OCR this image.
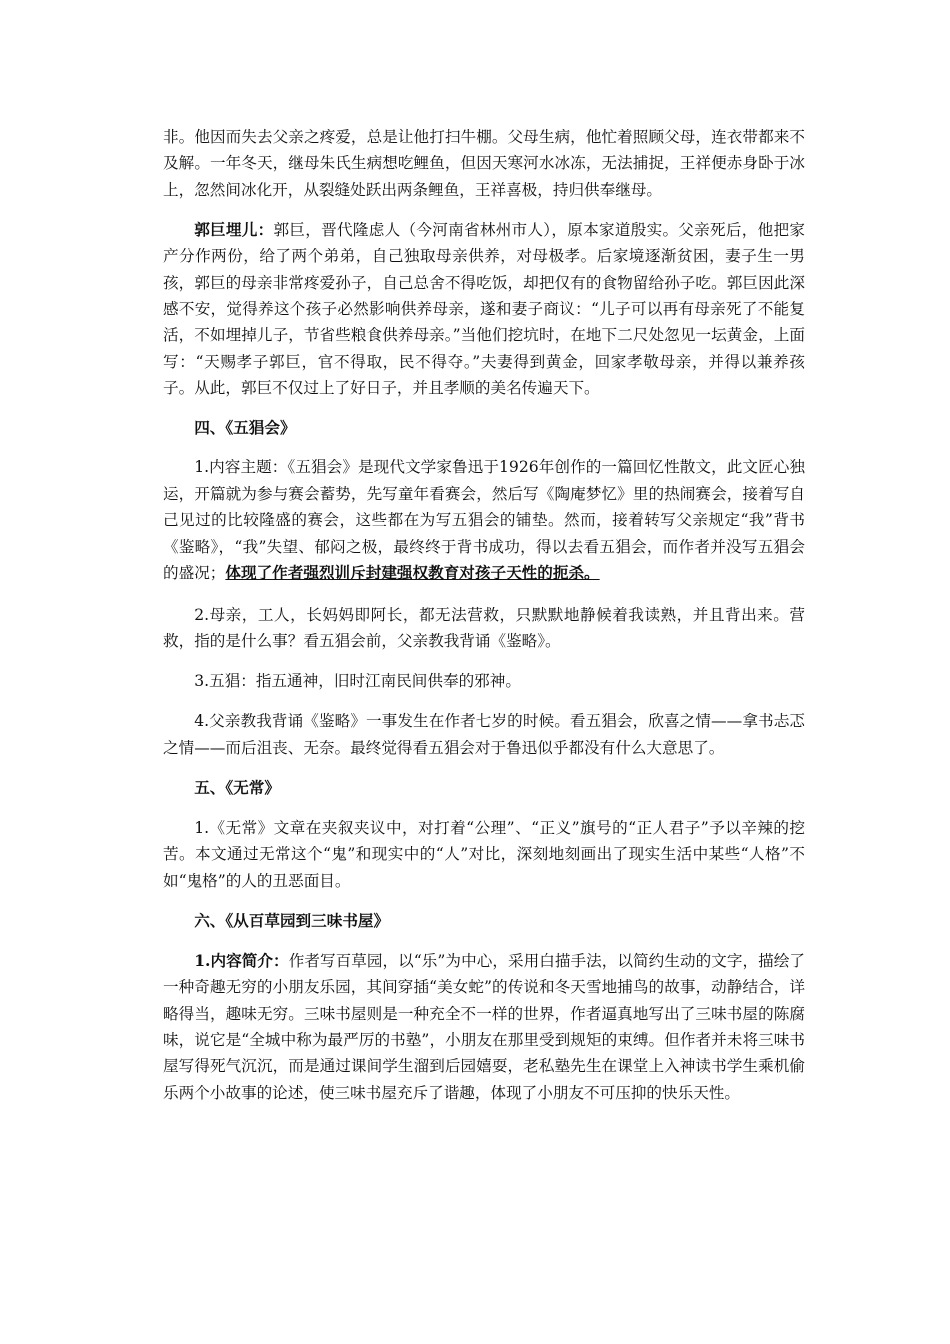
非。他因而失去父亲之疼爱，总是让他打扫牛棚。父母生病，他忙着照顾父母，连衣带都来不及解。一年冬天，继母朱氏生病想吃鲤鱼，但因天寒河水冰冻，无法捕捉，王祥便赤身卧于冰上，忽然间冰化开，从裂缝处跃出两条鲤鱼，王祥喜极，持归供奉继母。

郭巨埋儿：郭巨，晋代隆虑人（今河南省林州市人），原本家道殷实。父亲死后，他把家产分作两份，给了两个弟弟，自己独取母亲供养，对母极孝。后家境逐渐贫困，妻子生一男孩，郭巨的母亲非常疼爱孙子，自己总舍不得吃饭，却把仅有的食物留给孙子吃。郭巨因此深感不安，觉得养这个孩子必然影响供养母亲，遂和妻子商议：“儿子可以再有母亲死了不能复活，不如埋掉儿子，节省些粮食供养母亲。”当他们挖坑时，在地下二尺处忽见一坛黄金，上面写：“天赐孝子郭巨，官不得取，民不得夺。”夫妻得到黄金，回家孝敬母亲，并得以兼养孩子。从此，郭巨不仅过上了好日子，并且孝顺的美名传遍天下。

四、《五猖会》

1.内容主题：《五猖会》是现代文学家鲁迅于1926年创作的一篇回忆性散文，此文匠心独运，开篇就为参与赛会蓄势，先写童年看赛会，然后写《陶庵梦忆》里的热闹赛会，接着写自己见过的比较隆盛的赛会，这些都在为写五猖会的铺垫。然而，接着转写父亲规定“我”背书《鉴略》，“我”失望、郁闷之极，最终终于背书成功，得以去看五猖会，而作者并没写五猖会的盛况；体现了作者强烈训斥封建强权教育对孩子天性的扼杀。

2.母亲，工人，长妈妈即阿长，都无法营救，只默默地静候着我读熟，并且背出来。营救，指的是什么事？看五猖会前，父亲教我背诵《鉴略》。

3.五猖：指五通神，旧时江南民间供奉的邪神。

4.父亲教我背诵《鉴略》一事发生在作者七岁的时候。看五猖会，欣喜之情——拿书忐忑之情——而后沮丧、无奈。最终觉得看五猖会对于鲁迅似乎都没有什么大意思了。

五、《无常》

1.《无常》文章在夹叙夹议中，对打着“公理”、“正义”旗号的“正人君子”予以辛辣的挖苦。本文通过无常这个“鬼”和现实中的“人”对比，深刻地刻画出了现实生活中某些“人格”不如“鬼格”的人的丑恶面目。

六、《从百草园到三味书屋》

1.内容简介：作者写百草园，以“乐”为中心，采用白描手法，以简约生动的文字，描绘了一种奇趣无穷的小朋友乐园，其间穿插“美女蛇”的传说和冬天雪地捕鸟的故事，动静结合，详略得当，趣味无穷。三味书屋则是一种充全不一样的世界，作者逼真地写出了三味书屋的陈腐味，说它是“全城中称为最严厉的书塾”，小朋友在那里受到规矩的束缚。但作者并未将三味书屋写得死气沉沉，而是通过课间学生溜到后园嬉耍，老私塾先生在课堂上入神读书学生乘机偷乐两个小故事的论述，使三味书屋充斥了谐趣，体现了小朋友不可压抑的快乐天性。
